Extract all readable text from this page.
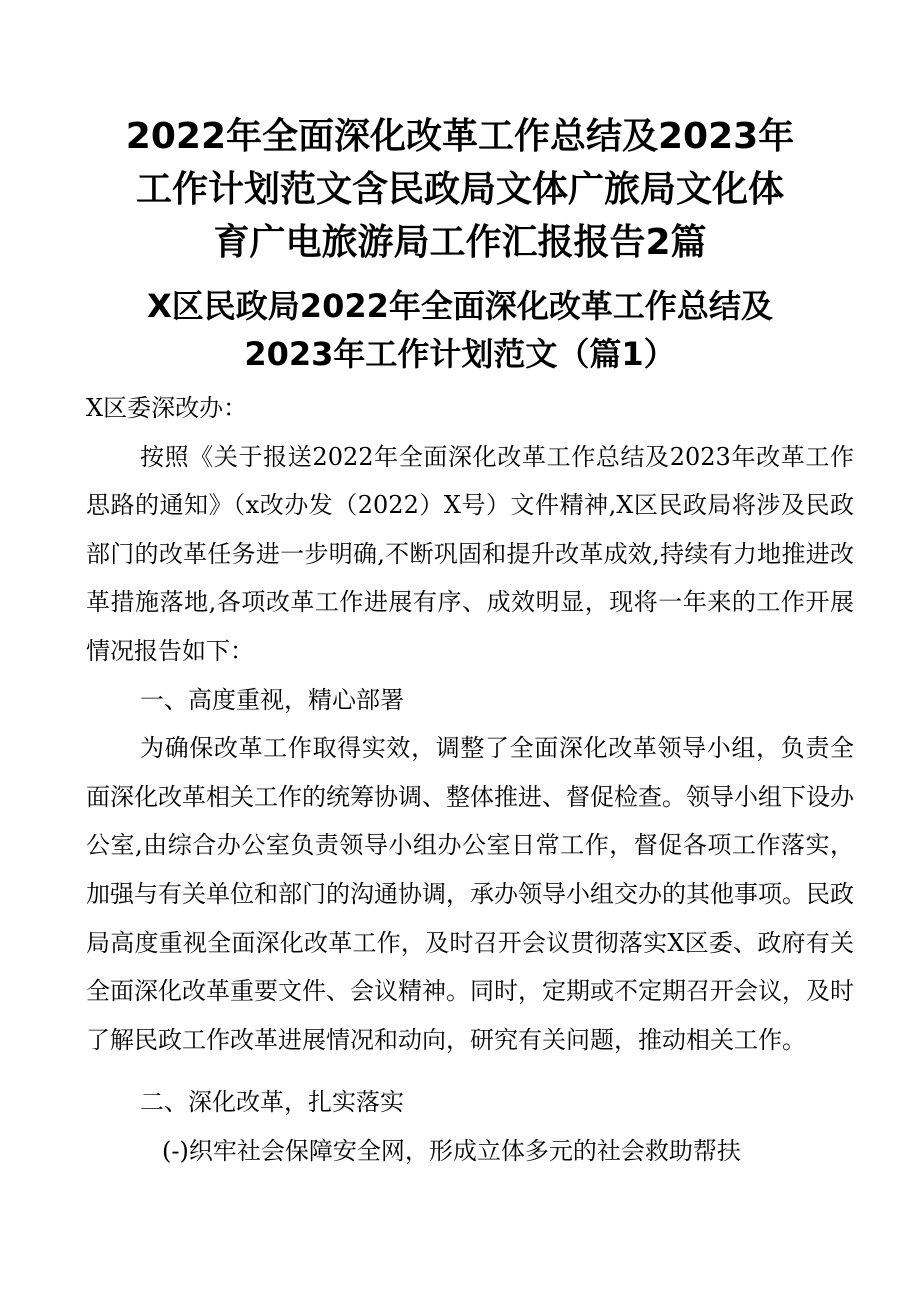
2022年全面深化改革工作总结及2023年
工作计划范文含民政局文体广旅局文化体
育广电旅游局工作汇报报告2篇
X区民政局2022年全面深化改革工作总结及
2023年工作计划范文（篇1）

X区委深改办：

按照《关于报送2022年全面深化改革工作总结及2023年改革工作思路的通知》（x改办发（2022）X号）文件精神,X区民政局将涉及民政部门的改革任务进一步明确,不断巩固和提升改革成效,持续有力地推进改革措施落地,各项改革工作进展有序、成效明显，现将一年来的工作开展情况报告如下：

一、高度重视，精心部署

为确保改革工作取得实效，调整了全面深化改革领导小组，负责全面深化改革相关工作的统筹协调、整体推进、督促检查。领导小组下设办公室,由综合办公室负责领导小组办公室日常工作，督促各项工作落实，加强与有关单位和部门的沟通协调，承办领导小组交办的其他事项。民政局高度重视全面深化改革工作，及时召开会议贯彻落实X区委、政府有关全面深化改革重要文件、会议精神。同时，定期或不定期召开会议，及时了解民政工作改革进展情况和动向，研究有关问题，推动相关工作。

二、深化改革，扎实落实

(-)织牢社会保障安全网，形成立体多元的社会救助帮扶
